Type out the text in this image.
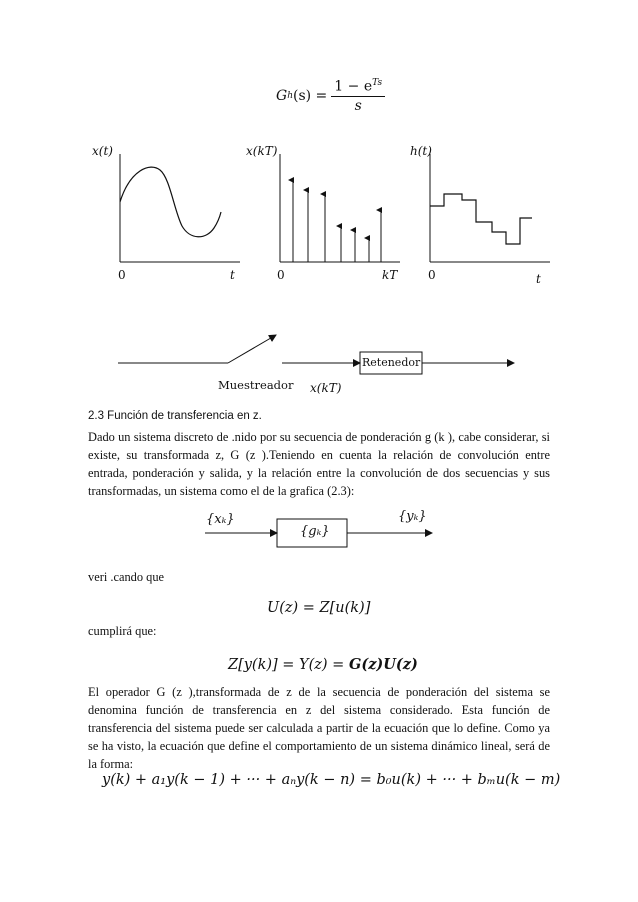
G h $(s) = \frac{1 - e^{Ts}}{s}$
x(t)
0	t
x(kT)
0	kT
h(t)
0	t
Retenedor
Muestreador x(kT)
2.3 Función de transferencia en z.

Dado un sistema discreto de .nido por su secuencia de ponderación g (k ), cabe considerar, si existe, su transformada z, G (z ).Teniendo en cuenta la relación de convolución entre entrada, ponderación y salida, y la relación entre la convolución de dos secuencias y sus transformadas, un sistema como el de la grafica (2.3):

{xₖ}
{gₖ}
{yₖ}
veri .cando que
U(z) = Z[u(k)]
cumplirá que:
Z[y(k)] = Y(z) = G(z)U(z)

El operador G (z ),transformada de z de la secuencia de ponderación del sistema se denomina función de transferencia en z del sistema considerado. Esta función de transferencia del sistema puede ser calculada a partir de la ecuación que lo define. Como ya se ha visto, la ecuación que define el comportamiento de un sistema dinámico lineal, será de la forma:

y(k) + a₁y(k − 1) + ··· + aₙy(k − n) = b₀u(k) + ··· + bₘu(k − m)
